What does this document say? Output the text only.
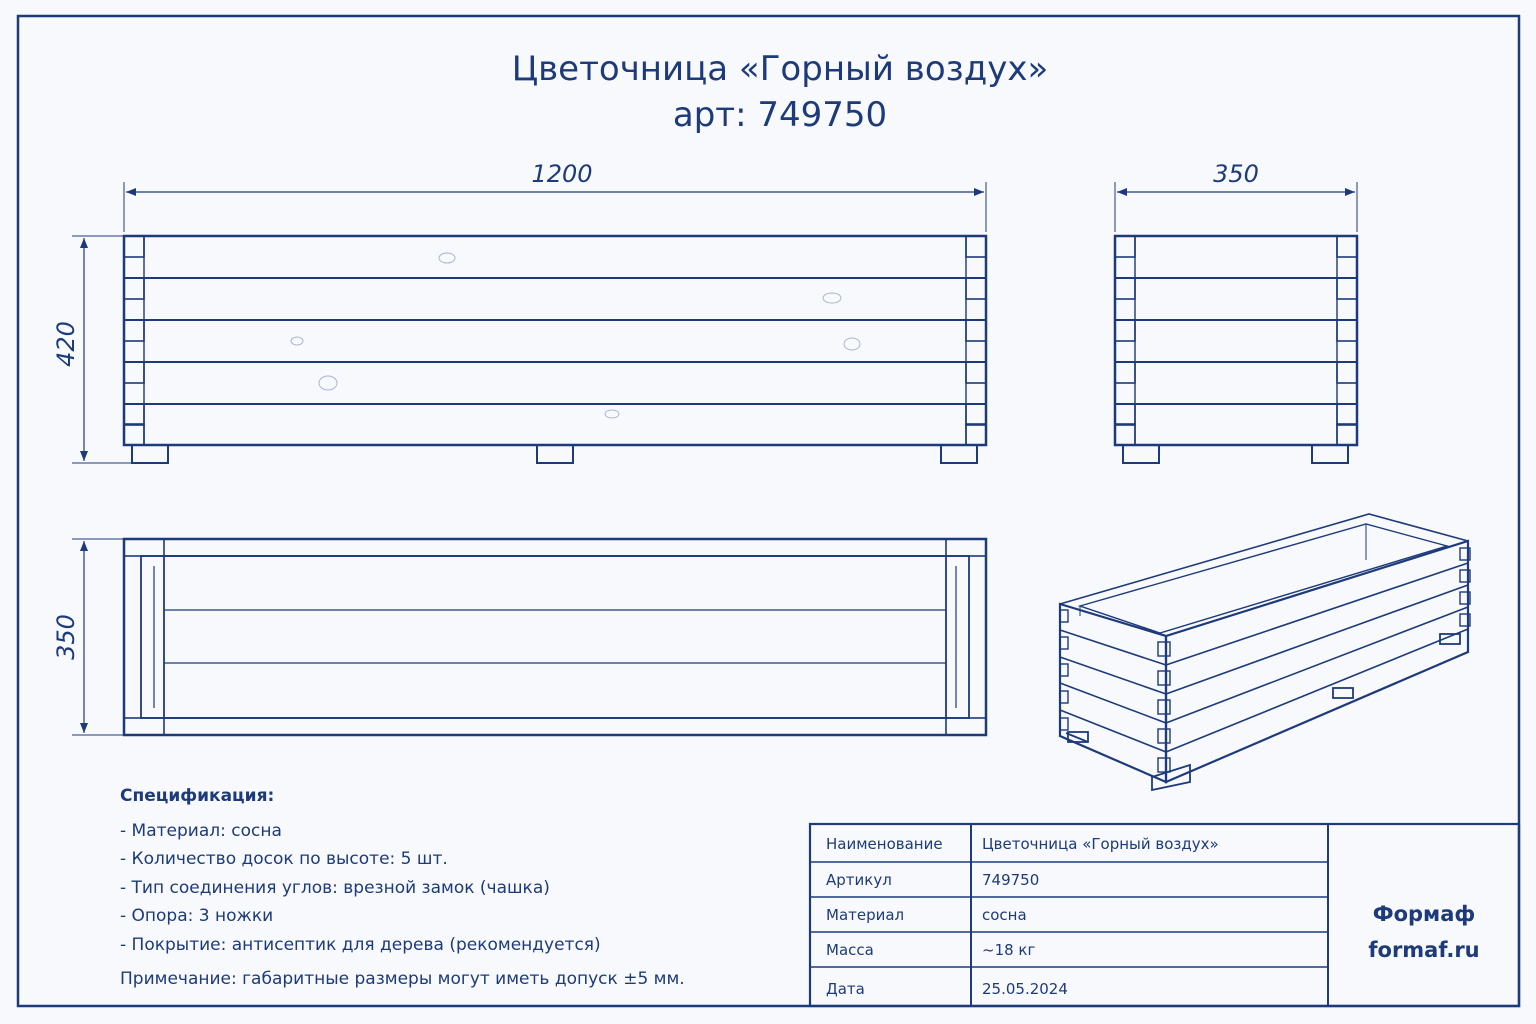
Цветочница «Горный воздух»
арт: 749750
1200
420
350
350
Спецификация:
- Материал: сосна
- Количество досок по высоте: 5 шт.
- Тип соединения углов: врезной замок (чашка)
- Опора: 3 ножки
- Покрытие: антисептик для дерева (рекомендуется)
Примечание: габаритные размеры могут иметь допуск ±5 мм.
Наименование	Цветочница «Горный воздух»
Артикул	749750
Материал	сосна
Масса	~18 кг
Дата	25.05.2024
Формаф
formaf.ru
